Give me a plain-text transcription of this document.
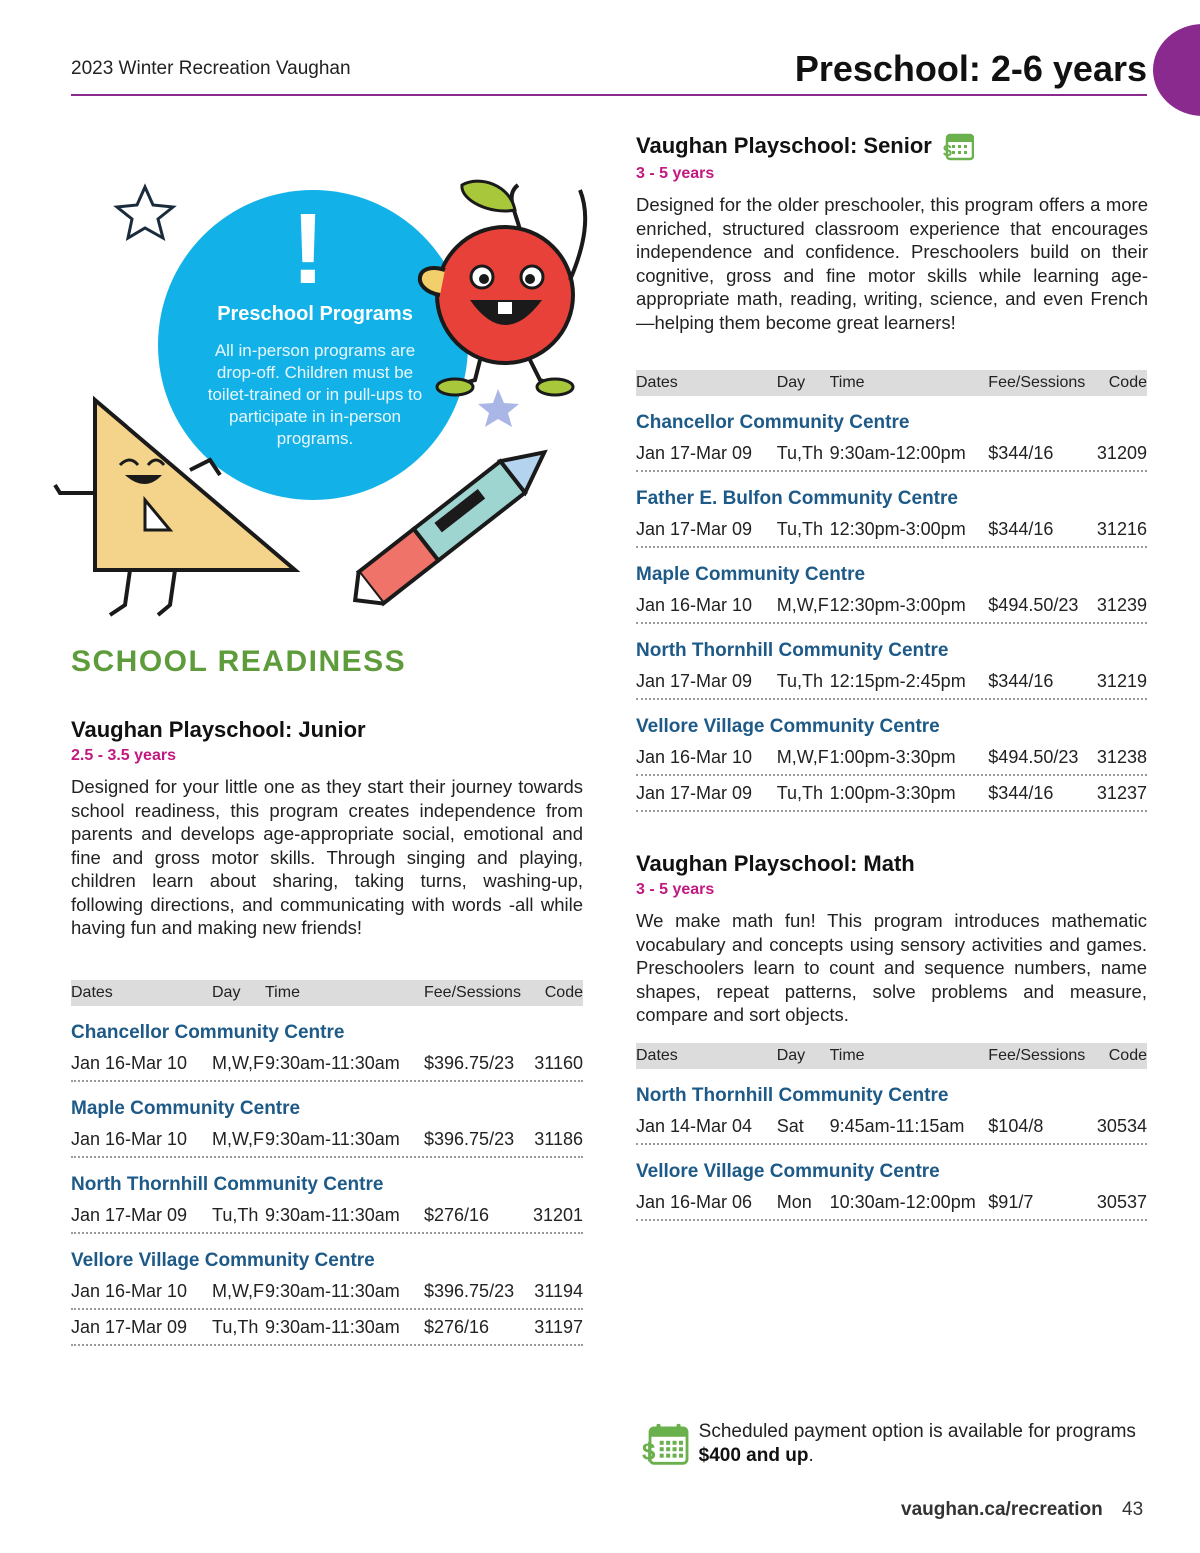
2023 Winter Recreation Vaughan	Preschool: 2-6 years
!
Preschool Programs
All in-person programs are drop-off. Children must be toilet-trained or in pull-ups to participate in in-person programs.
SCHOOL READINESS
Vaughan Playschool: Junior
2.5 - 3.5 years

Designed for your little one as they start their journey towards school readiness, this program creates independence from parents and develops age-appropriate social, emotional and fine and gross motor skills. Through singing and playing, children learn about sharing, taking turns, washing-up, following directions, and communicating with words -all while having fun and making new friends!

Dates	Day	Time	Fee/Sessions	Code
Chancellor Community Centre
Jan 16-Mar 10	M,W,F 9:30am-11:30am	$396.75/23	31160
Maple Community Centre
Jan 16-Mar 10	M,W,F 9:30am-11:30am	$396.75/23	31186
North Thornhill Community Centre
Jan 17-Mar 09	Tu,Th 9:30am-11:30am	$276/16	31201
Vellore Village Community Centre
Jan 16-Mar 10	M,W,F 9:30am-11:30am	$396.75/23	31194
Jan 17-Mar 09	Tu,Th 9:30am-11:30am	$276/16	31197
Vaughan Playschool: Senior $
3 - 5 years

Designed for the older preschooler, this program offers a more enriched, structured classroom experience that encourages independence and confidence. Preschoolers build on their cognitive, gross and fine motor skills while learning age-appropriate math, reading, writing, science, and even French—helping them become great learners!

Dates	Day	Time	Fee/Sessions	Code
Chancellor Community Centre
Jan 17-Mar 09	Tu,Th 9:30am-12:00pm	$344/16	31209
Father E. Bulfon Community Centre
Jan 17-Mar 09	Tu,Th 12:30pm-3:00pm	$344/16	31216
Maple Community Centre
Jan 16-Mar 10	M,W,F 12:30pm-3:00pm	$494.50/23	31239
North Thornhill Community Centre
Jan 17-Mar 09	Tu,Th 12:15pm-2:45pm	$344/16	31219
Vellore Village Community Centre
Jan 16-Mar 10	M,W,F 1:00pm-3:30pm	$494.50/23	31238
Jan 17-Mar 09	Tu,Th 1:00pm-3:30pm	$344/16	31237
Vaughan Playschool: Math
3 - 5 years

We make math fun! This program introduces mathematic vocabulary and concepts using sensory activities and games. Preschoolers learn to count and sequence numbers, name shapes, repeat patterns, solve problems and measure, compare and sort objects.

Dates	Day	Time	Fee/Sessions	Code
North Thornhill Community Centre
Jan 14-Mar 04	Sat	9:45am-11:15am	$104/8	30534
Vellore Village Community Centre
Jan 16-Mar 06	Mon 10:30am-12:00pm $91/7	30537
$
Scheduled payment option is available for programs $400 and up.
vaughan.ca/recreation 43
